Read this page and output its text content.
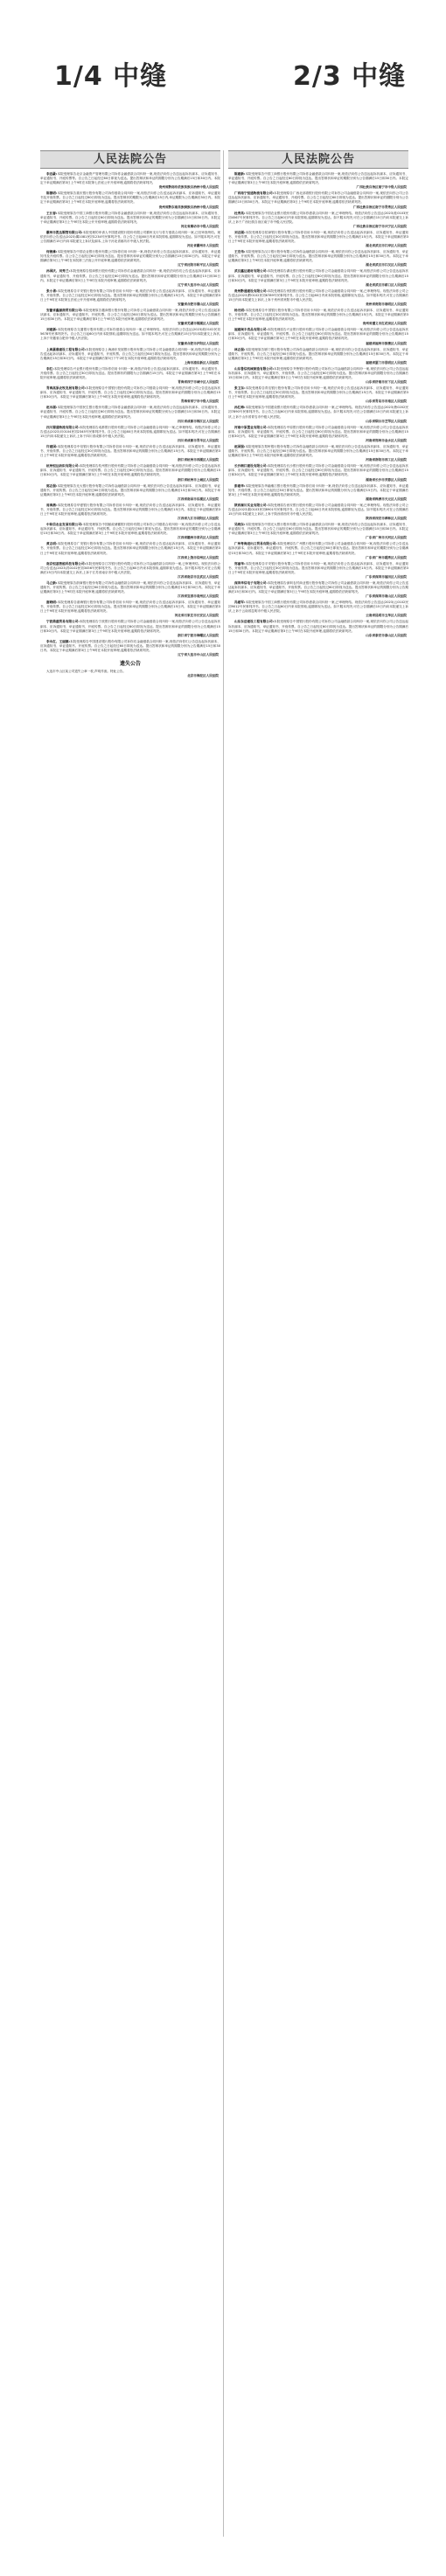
1/4 中缝	2/3 中缝
人民法院公告

李远豪:本院受理原告北京金融资产管理有限公司诉你金融借款合同纠纷一案,现依法向你公告送达起诉状副本、应诉通知书、举证通知书、开庭传票等。自公告之日起经过60日即视为送达。提出答辩状和举证的期限分别为公告期满后15日和30日内。本院定于举证期满后第3日上午9时在本院第七法庭公开开庭审理,逾期将依法缺席判决。

贵州省黔南布依族苗族自治州中级人民法院

陈德明:本院受理原告重庆银行股份有限公司诉你借款合同纠纷一案,现依法向你公告送达起诉状副本、应诉通知书、举证通知书及开庭传票。自公告之日起经过60日即视为送达。提出答辩状的期限为公告期满后15日内,举证期限为公告期满后30日内。本院定于举证期满后第3日上午9时在本院开庭审理,逾期将依法缺席判决。

贵州省黔东南苗族侗族自治州中级人民法院

王长春:本院受理原告中国工商银行股份有限公司诉你金融借款合同纠纷一案,现依法向你公告送达起诉状副本、应诉通知书、举证通知书、开庭传票。自公告之日起经过60日即视为送达。提出答辩状和举证的期限分别为公告期满后15日和30日内。本院定于举证期满后第3日上午9时在本院公开开庭审理,逾期将依法缺席判决。

河北省廊坊市中级人民法院

霸州市胜达钢管有限公司:本院受理的申请人中国建设银行股份有限公司霸州支行与你方借款合同纠纷一案,已经审查终结。现依法向你公告送达(2023)冀1081民初1234号民事判决书。自公告之日起60日内来本院领取,逾期即视为送达。如不服本判决,可在公告期满后15日内向本院递交上诉状及副本,上诉于河北省廊坊市中级人民法院。

河北省霸州市人民法院

何俊雄:本院受理原告中国农业银行股份有限公司诉你信用卡纠纷一案,现依法向你公告送达起诉状副本、应诉通知书、举证通知书及开庭传票。自公告之日起经过60日即视为送达。提出答辩状和举证的期限分别为公告期满后15日和30日内。本院定于举证期满后第3日上午9时在本院第三法庭公开开庭审理,逾期将依法缺席判决。

辽宁省沈阳市和平区人民法院

孙国庆、刘秀兰:本院受理原告招商银行股份有限公司诉你们金融借款合同纠纷一案,现依法向你们公告送达起诉状副本、应诉通知书、举证通知书、开庭传票。自公告之日起经过60日即视为送达。提出答辩状和举证的期限分别为公告期满后15日和30日内。本院定于举证期满后第3日上午9时在本院开庭审理,逾期将依法缺席判决。

辽宁省大连市中山区人民法院

张小勇:本院受理原告平安银行股份有限公司诉你信用卡纠纷一案,现依法向你公告送达起诉状副本、应诉通知书、举证通知书、开庭传票。自公告之日起经过30日即视为送达。提出答辩状和举证的期限分别为公告期满后15日内。本院定于举证期满后第3日上午9时在本院第五法庭公开开庭审理,逾期将依法缺席判决。

安徽省合肥市蜀山区人民法院

安徽省鑫源商贸有限公司:本院受理原告徽商银行股份有限公司诉你公司金融借款合同纠纷一案,现依法向你公司公告送达起诉状副本、应诉通知书、举证通知书、开庭传票。自公告之日起经过60日即视为送达。提出答辩状和举证的期限分别为公告期满后15日和30日内。本院定于举证期满后第3日上午9时在本院开庭审理,逾期将依法缺席判决。

安徽省芜湖市镜湖区人民法院

刘建新:本院受理原告交通银行股份有限公司诉你借款合同纠纷一案,已审理终结。现依法向你公告送达(2023)皖0102民初5678号民事判决书。自公告之日起60日内来本院领取,逾期即视为送达。如不服本判决,可在公告期满后15日内向本院递交上诉状,上诉于安徽省合肥市中级人民法院。

安徽省合肥市庐阳区人民法院

上海嘉鼎建设工程有限公司:本院受理原告上海浦东发展银行股份有限公司诉你公司金融借款合同纠纷一案,现依法向你公司公告送达起诉状副本、应诉通知书、举证通知书、开庭传票。自公告之日起经过60日即视为送达。提出答辩状和举证的期限分别为公告期满后15日和30日内。本院定于举证期满后第3日下午2时在本院开庭审理,逾期将依法缺席判决。

上海市浦东新区人民法院

李红:本院受理原告兴业银行股份有限公司诉你信用卡纠纷一案,现依法向你公告送达起诉状副本、应诉通知书、举证通知书、开庭传票。自公告之日起经过30日即视为送达。提出答辩状的期限为公告期满后15日内。本院定于举证期满后第3日上午9时在本院开庭审理,逾期将依法缺席判决。

青海省西宁市城中区人民法院

青海高原农牧发展有限公司:本院受理原告中国银行股份有限公司诉你公司借款合同纠纷一案,现依法向你公司公告送达起诉状副本、应诉通知书、举证通知书、开庭传票。自公告之日起经过60日即视为送达。提出答辩状和举证的期限分别为公告期满后15日和30日内。本院定于举证期满后第3日上午9时在本院开庭审理,逾期将依法缺席判决。

青海省西宁市中级人民法院

赵永刚:本院受理原告中国民生银行股份有限公司诉你金融借款合同纠纷一案,现依法向你公告送达起诉状副本、应诉通知书、举证通知书、开庭传票。自公告之日起经过60日即视为送达。提出答辩状和举证的期限分别为公告期满后15日和30日内。本院定于举证期满后第3日上午9时在本院开庭审理,逾期将依法缺席判决。

四川省成都市锦江区人民法院

四川蜀通物流有限公司:本院受理原告成都银行股份有限公司诉你公司金融借款合同纠纷一案,已审理终结。现依法向你公司公告送达(2023)川0104民初2345号民事判决书。自公告之日起60日内来本院领取,逾期即视为送达。如不服本判决,可在公告期满后15日内向本院递交上诉状,上诉于四川省成都市中级人民法院。

四川省成都市青羊区人民法院

许建国:本院受理原告中信银行股份有限公司诉你信用卡纠纷一案,现依法向你公告送达起诉状副本、应诉通知书、举证通知书、开庭传票。自公告之日起经过30日即视为送达。提出答辩状和举证的期限分别为公告期满后15日内。本院定于举证期满后第3日上午9时在本院开庭审理,逾期将依法缺席判决。

浙江省杭州市西湖区人民法院

杭州恒达纺织有限公司:本院受理原告杭州银行股份有限公司诉你公司金融借款合同纠纷一案,现依法向你公司公告送达起诉状副本、应诉通知书、举证通知书、开庭传票。自公告之日起经过60日即视为送达。提出答辩状和举证的期限分别为公告期满后15日和30日内。本院定于举证期满后第3日上午9时在本院开庭审理,逾期将依法缺席判决。

浙江省杭州市上城区人民法院

郭志强:本院受理原告光大银行股份有限公司诉你金融借款合同纠纷一案,现依法向你公告送达起诉状副本、应诉通知书、举证通知书、开庭传票。自公告之日起经过60日即视为送达。提出答辩状和举证的期限分别为公告期满后15日和30日内。本院定于举证期满后第3日上午9时在本院开庭审理,逾期将依法缺席判决。

江西省南昌市东湖区人民法院

周海燕:本院受理原告华夏银行股份有限公司诉你信用卡纠纷一案,现依法向你公告送达起诉状副本、应诉通知书、举证通知书、开庭传票。自公告之日起经过30日即视为送达。提出答辩状和举证的期限分别为公告期满后15日内。本院定于举证期满后第3日上午9时在本院开庭审理,逾期将依法缺席判决。

江西省九江市浔阳区人民法院

中和信农业发展有限公司:本院受理原告中国邮政储蓄银行股份有限公司诉你公司借款合同纠纷一案,现依法向你公司公告送达起诉状副本、应诉通知书、举证通知书、开庭传票。自公告之日起经过60日即视为送达。提出答辩状和举证的期限分别为公告期满后15日和30日内。本院定于举证期满后第3日上午9时在本院开庭审理,逾期将依法缺席判决。

江西省赣州市章贡区人民法院

黄志明:本院受理原告广发银行股份有限公司诉你信用卡纠纷一案,现依法向你公告送达起诉状副本、应诉通知书、举证通知书、开庭传票。自公告之日起经过30日即视为送达。提出答辩状和举证的期限分别为公告期满后15日内。本院定于举证期满后第3日上午9时在本院开庭审理,逾期将依法缺席判决。

江西省上饶市信州区人民法院

南京恒基智能科技有限公司:本院受理原告江苏银行股份有限公司诉你公司金融借款合同纠纷一案,已审理终结。现依法向你公司公告送达(2023)苏0102民初3456号民事判决书。自公告之日起60日内来本院领取,逾期即视为送达。如不服本判决,可在公告期满后15日内向本院递交上诉状,上诉于江苏省南京市中级人民法院。

江苏省南京市玄武区人民法院

马立新:本院受理原告浙商银行股份有限公司诉你金融借款合同纠纷一案,现依法向你公告送达起诉状副本、应诉通知书、举证通知书、开庭传票。自公告之日起经过60日即视为送达。提出答辩状和举证的期限分别为公告期满后15日和30日内。本院定于举证期满后第3日上午9时在本院开庭审理,逾期将依法缺席判决。

江西省宜春市袁州区人民法院

谢晓明:本院受理原告渤海银行股份有限公司诉你信用卡纠纷一案,现依法向你公告送达起诉状副本、应诉通知书、举证通知书、开庭传票。自公告之日起经过30日即视为送达。提出答辩状和举证的期限分别为公告期满后15日内。本院定于举证期满后第3日上午9时在本院开庭审理,逾期将依法缺席判决。

河北省石家庄市长安区人民法院

宁波鼎盛贸易有限公司:本院受理原告宁波银行股份有限公司诉你公司金融借款合同纠纷一案,现依法向你公司公告送达起诉状副本、应诉通知书、举证通知书、开庭传票。自公告之日起经过60日即视为送达。提出答辩状和举证的期限分别为公告期满后15日和30日内。本院定于举证期满后第3日上午9时在本院开庭审理,逾期将依法缺席判决。

浙江省宁波市海曙区人民法院

李永红、王丽娜:本院受理原告中国建设银行股份有限公司诉你们金融借款合同纠纷一案,现依法向你们公告送达起诉状副本、应诉通知书、举证通知书、开庭传票。自公告之日起经过60日即视为送达。提出答辩状和举证的期限分别为公告期满后15日和30日内。本院定于举证期满后第3日上午9时在本院开庭审理,逾期将依法缺席判决。

辽宁省大连市中山区人民法院
遗失公告

大连市中山区某公司遗失公章一枚,声明作废。特此公告。

北京市海淀区人民法院
人民法院公告

陈建新:本院受理原告中国工商银行股份有限公司诉你金融借款合同纠纷一案,现依法向你公告送达起诉状副本、应诉通知书、举证通知书、开庭传票。自公告之日起经过60日即视为送达。提出答辩状和举证的期限分别为公告期满后15日和30日内。本院定于举证期满后第3日上午9时在本院开庭审理,逾期将依法缺席判决。

广西壮族自治区南宁市中级人民法院

广西南宁恒通物流有限公司:本院受理原告广西北部湾银行股份有限公司诉你公司金融借款合同纠纷一案,现依法向你公司公告送达起诉状副本、应诉通知书、举证通知书、开庭传票。自公告之日起经过60日即视为送达。提出答辩状和举证的期限分别为公告期满后15日和30日内。本院定于举证期满后第3日上午9时在本院开庭审理,逾期将依法缺席判决。

广西壮族自治区南宁市青秀区人民法院

杜秀英:本院受理原告中国农业银行股份有限公司诉你借款合同纠纷一案,已审理终结。现依法向你公告送达(2023)桂0103民初4567号民事判决书。自公告之日起60日内来本院领取,逾期即视为送达。如不服本判决,可在公告期满后15日内向本院递交上诉状,上诉于广西壮族自治区南宁市中级人民法院。

广西壮族自治区南宁市兴宁区人民法院

刘志刚:本院受理原告招商银行股份有限公司诉你信用卡纠纷一案,现依法向你公告送达起诉状副本、应诉通知书、举证通知书、开庭传票。自公告之日起经过30日即视为送达。提出答辩状和举证的期限分别为公告期满后15日内。本院定于举证期满后第3日上午9时在本院开庭审理,逾期将依法缺席判决。

湖北省武汉市江岸区人民法院

王宏伟:本院受理原告汉口银行股份有限公司诉你金融借款合同纠纷一案,现依法向你公告送达起诉状副本、应诉通知书、举证通知书、开庭传票。自公告之日起经过60日即视为送达。提出答辩状和举证的期限分别为公告期满后15日和30日内。本院定于举证期满后第3日上午9时在本院开庭审理,逾期将依法缺席判决。

湖北省武汉市江汉区人民法院

武汉鑫达建材有限公司:本院受理原告湖北银行股份有限公司诉你公司金融借款合同纠纷一案,现依法向你公司公告送达起诉状副本、应诉通知书、举证通知书、开庭传票。自公告之日起经过60日即视为送达。提出答辩状和举证的期限分别为公告期满后15日和30日内。本院定于举证期满后第3日上午9时在本院开庭审理,逾期将依法缺席判决。

湖北省武汉市硚口区人民法院

贵州黔通建设有限公司:本院受理原告贵阳银行股份有限公司诉你公司金融借款合同纠纷一案,已审理终结。现依法向你公司公告送达(2023)黔0102民初6789号民事判决书。自公告之日起60日内来本院领取,逾期即视为送达。如不服本判决,可在公告期满后15日内向本院递交上诉状,上诉于贵州省贵阳市中级人民法院。

贵州省贵阳市南明区人民法院

杨光明:本院受理原告中国银行股份有限公司诉你信用卡纠纷一案,现依法向你公告送达起诉状副本、应诉通知书、举证通知书、开庭传票。自公告之日起经过30日即视为送达。提出答辩状和举证的期限分别为公告期满后15日内。本院定于举证期满后第3日上午9时在本院开庭审理,逾期将依法缺席判决。

贵州省遵义市红花岗区人民法院

福建闽丰食品有限公司:本院受理原告兴业银行股份有限公司诉你公司金融借款合同纠纷一案,现依法向你公司公告送达起诉状副本、应诉通知书、举证通知书、开庭传票。自公告之日起经过60日即视为送达。提出答辩状和举证的期限分别为公告期满后15日和30日内。本院定于举证期满后第3日上午9时在本院开庭审理,逾期将依法缺席判决。

福建省福州市鼓楼区人民法院

林志强:本院受理原告厦门银行股份有限公司诉你金融借款合同纠纷一案,现依法向你公告送达起诉状副本、应诉通知书、举证通知书、开庭传票。自公告之日起经过60日即视为送达。提出答辩状和举证的期限分别为公告期满后15日和30日内。本院定于举证期满后第3日上午9时在本院开庭审理,逾期将依法缺席判决。

福建省厦门市思明区人民法院

山东鲁信机械制造有限公司:本院受理原告齐鲁银行股份有限公司诉你公司金融借款合同纠纷一案,现依法向你公司公告送达起诉状副本、应诉通知书、举证通知书、开庭传票。自公告之日起经过60日即视为送达。提出答辩状和举证的期限分别为公告期满后15日和30日内。本院定于举证期满后第3日上午9时在本院开庭审理,逾期将依法缺席判决。

山东省济南市历下区人民法院

张卫东:本院受理原告青岛银行股份有限公司诉你信用卡纠纷一案,现依法向你公告送达起诉状副本、应诉通知书、举证通知书、开庭传票。自公告之日起经过30日即视为送达。提出答辩状和举证的期限分别为公告期满后15日内。本院定于举证期满后第3日上午9时在本院开庭审理,逾期将依法缺席判决。

山东省青岛市市南区人民法院

孙红梅:本院受理原告中国建设银行股份有限公司诉你借款合同纠纷一案,已审理终结。现依法向你公告送达(2023)鲁0202民初7890号民事判决书。自公告之日起60日内来本院领取,逾期即视为送达。如不服本判决,可在公告期满后15日内向本院递交上诉状,上诉于山东省青岛市中级人民法院。

山东省烟台市芝罘区人民法院

河南中原置业有限公司:本院受理原告中原银行股份有限公司诉你公司金融借款合同纠纷一案,现依法向你公司公告送达起诉状副本、应诉通知书、举证通知书、开庭传票。自公告之日起经过60日即视为送达。提出答辩状和举证的期限分别为公告期满后15日和30日内。本院定于举证期满后第3日上午9时在本院开庭审理,逾期将依法缺席判决。

河南省郑州市金水区人民法院

赵国强:本院受理原告郑州银行股份有限公司诉你金融借款合同纠纷一案,现依法向你公告送达起诉状副本、应诉通知书、举证通知书、开庭传票。自公告之日起经过60日即视为送达。提出答辩状和举证的期限分别为公告期满后15日和30日内。本院定于举证期满后第3日上午9时在本院开庭审理,逾期将依法缺席判决。

河南省洛阳市西工区人民法院

长沙湘江建设有限公司:本院受理原告长沙银行股份有限公司诉你公司金融借款合同纠纷一案,现依法向你公司公告送达起诉状副本、应诉通知书、举证通知书、开庭传票。自公告之日起经过60日即视为送达。提出答辩状和举证的期限分别为公告期满后15日和30日内。本院定于举证期满后第3日上午9时在本院开庭审理,逾期将依法缺席判决。

湖南省长沙市芙蓉区人民法院

彭建华:本院受理原告华融湘江银行股份有限公司诉你信用卡纠纷一案,现依法向你公告送达起诉状副本、应诉通知书、举证通知书、开庭传票。自公告之日起经过30日即视为送达。提出答辩状和举证的期限分别为公告期满后15日内。本院定于举证期满后第3日上午9时在本院开庭审理,逾期将依法缺席判决。

湖南省株洲市天元区人民法院

陕西秦川实业有限公司:本院受理原告西安银行股份有限公司诉你公司金融借款合同纠纷一案,已审理终结。现依法向你公司公告送达(2023)陕0103民初8901号民事判决书。自公告之日起60日内来本院领取,逾期即视为送达。如不服本判决,可在公告期满后15日内向本院递交上诉状,上诉于陕西省西安市中级人民法院。

陕西省西安市碑林区人民法院

吴晓东:本院受理原告中国光大银行股份有限公司诉你金融借款合同纠纷一案,现依法向你公告送达起诉状副本、应诉通知书、举证通知书、开庭传票。自公告之日起经过60日即视为送达。提出答辩状和举证的期限分别为公告期满后15日和30日内。本院定于举证期满后第3日上午9时在本院开庭审理,逾期将依法缺席判决。

广东省广州市天河区人民法院

广州粤海进出口贸易有限公司:本院受理原告广州银行股份有限公司诉你公司金融借款合同纠纷一案,现依法向你公司公告送达起诉状副本、应诉通知书、举证通知书、开庭传票。自公告之日起经过60日即视为送达。提出答辩状和举证的期限分别为公告期满后15日和30日内。本院定于举证期满后第3日上午9时在本院开庭审理,逾期将依法缺席判决。

广东省广州市越秀区人民法院

郑丽华:本院受理原告平安银行股份有限公司诉你信用卡纠纷一案,现依法向你公告送达起诉状副本、应诉通知书、举证通知书、开庭传票。自公告之日起经过30日即视为送达。提出答辩状和举证的期限分别为公告期满后15日内。本院定于举证期满后第3日上午9时在本院开庭审理,逾期将依法缺席判决。

广东省深圳市福田区人民法院

深圳华信电子有限公司:本院受理原告深圳农村商业银行股份有限公司诉你公司金融借款合同纠纷一案,现依法向你公司公告送达起诉状副本、应诉通知书、举证通知书、开庭传票。自公告之日起经过60日即视为送达。提出答辩状和举证的期限分别为公告期满后15日和30日内。本院定于举证期满后第3日上午9时在本院开庭审理,逾期将依法缺席判决。

广东省深圳市南山区人民法院

冯建军:本院受理原告中国工商银行股份有限公司诉你借款合同纠纷一案,已审理终结。现依法向你公告送达(2023)云0102民初9012号民事判决书。自公告之日起60日内来本院领取,逾期即视为送达。如不服本判决,可在公告期满后15日内向本院递交上诉状,上诉于云南省昆明市中级人民法院。

云南省昆明市五华区人民法院

山东东岳建设工程有限公司:本院受理原告中国银行股份有限公司诉你公司金融借款合同纠纷一案,现依法向你公司公告送达起诉状副本、应诉通知书、举证通知书、开庭传票。自公告之日起经过60日即视为送达。提出答辩状和举证的期限分别为公告期满后15日和30日内。本院定于举证期满后第3日上午9时在本院开庭审理,逾期将依法缺席判决。

山东省泰安市泰山区人民法院
